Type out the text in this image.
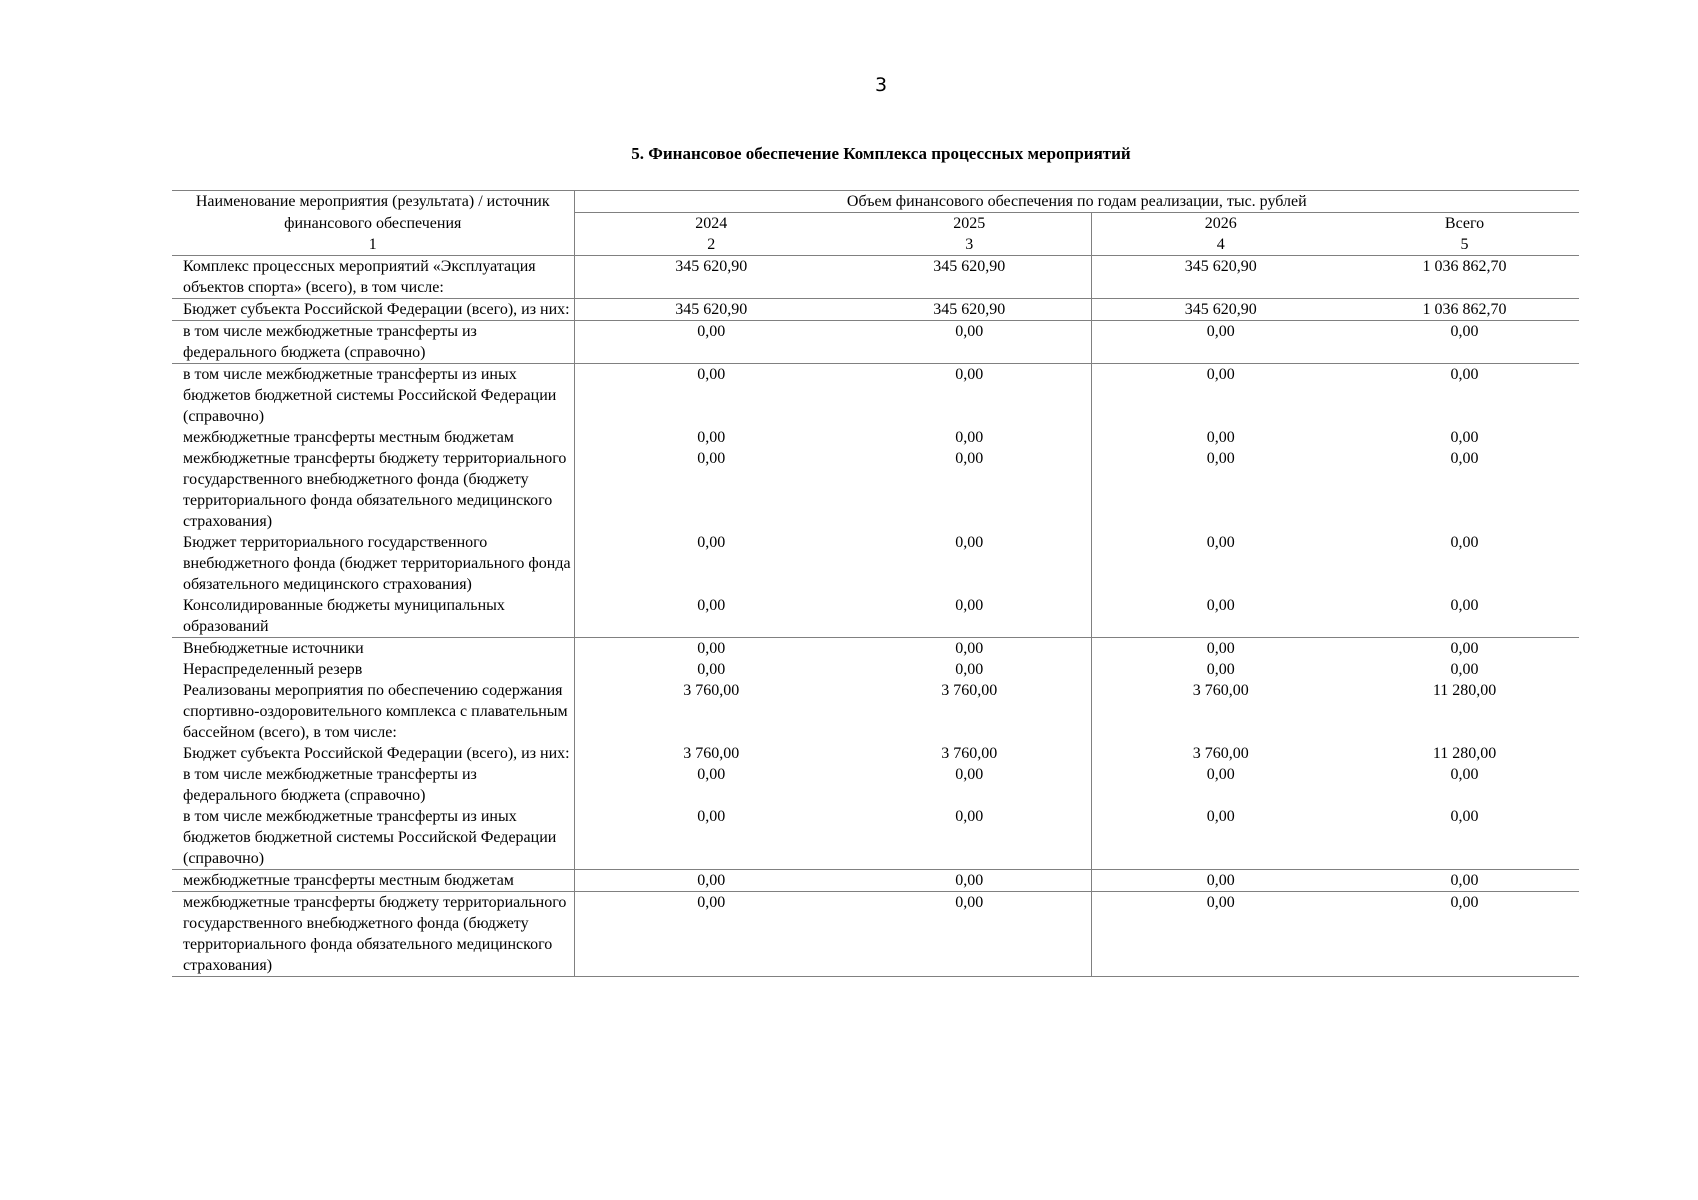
3
5. Финансовое обеспечение Комплекса процессных мероприятий
Наименование мероприятия (результата) / источник	Объем финансового обеспечения по годам реализации, тыс. рублей			
финансового обеспечения	2024	2025	2026	Всего
1	2	3	4	5
Комплекс процессных мероприятий «Эксплуатация объектов спорта» (всего), в том числе:	345 620,90	345 620,90	345 620,90	1 036 862,70
Бюджет субъекта Российской Федерации (всего), из них:	345 620,90	345 620,90	345 620,90	1 036 862,70
в том числе межбюджетные трансферты из федерального бюджета (справочно)	0,00	0,00	0,00	0,00
в том числе межбюджетные трансферты из иных бюджетов бюджетной системы Российской Федерации (справочно)	0,00	0,00	0,00	0,00
межбюджетные трансферты местным бюджетам	0,00	0,00	0,00	0,00
межбюджетные трансферты бюджету территориального государственного внебюджетного фонда (бюджету территориального фонда обязательного медицинского страхования)	0,00	0,00	0,00	0,00
Бюджет территориального государственного внебюджетного фонда (бюджет территориального фонда обязательного медицинского страхования)	0,00	0,00	0,00	0,00
Консолидированные бюджеты муниципальных образований	0,00	0,00	0,00	0,00
Внебюджетные источники	0,00	0,00	0,00	0,00
Нераспределенный резерв	0,00	0,00	0,00	0,00
Реализованы мероприятия по обеспечению содержания спортивно-оздоровительного комплекса с плавательным бассейном (всего), в том числе:	3 760,00	3 760,00	3 760,00	11 280,00
Бюджет субъекта Российской Федерации (всего), из них:	3 760,00	3 760,00	3 760,00	11 280,00
в том числе межбюджетные трансферты из федерального бюджета (справочно)	0,00	0,00	0,00	0,00
в том числе межбюджетные трансферты из иных бюджетов бюджетной системы Российской Федерации (справочно)	0,00	0,00	0,00	0,00
межбюджетные трансферты местным бюджетам	0,00	0,00	0,00	0,00
межбюджетные трансферты бюджету территориального государственного внебюджетного фонда (бюджету территориального фонда обязательного медицинского страхования)	0,00	0,00	0,00	0,00
